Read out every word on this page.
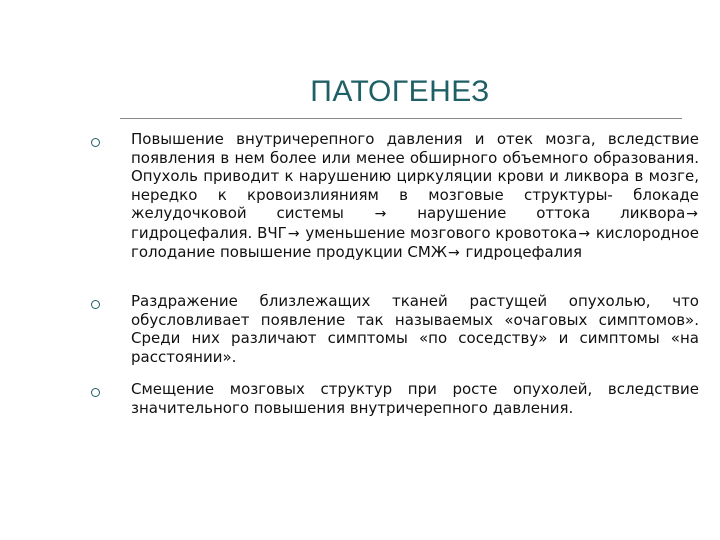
ПАТОГЕНЕЗ
Повышение внутричерепного давления и отек мозга, вследствие появления в нем более или менее обширного объемного образования. Опухоль приводит к нарушению циркуляции крови и ликвора в мозге, нередко к кровоизлияниям в мозговые структуры- блокаде желудочковой системы → нарушение оттока ликвора→ гидроцефалия. ВЧГ→ уменьшение мозгового кровотока→ кислородное голодание повышение продукции СМЖ→ гидроцефалия
Раздражение близлежащих тканей растущей опухолью, что обусловливает появление так называемых «очаговых симптомов». Среди них различают симптомы «по соседству» и симптомы «на расстоянии».
Смещение мозговых структур при росте опухолей, вследствие значительного повышения внутричерепного давления.
